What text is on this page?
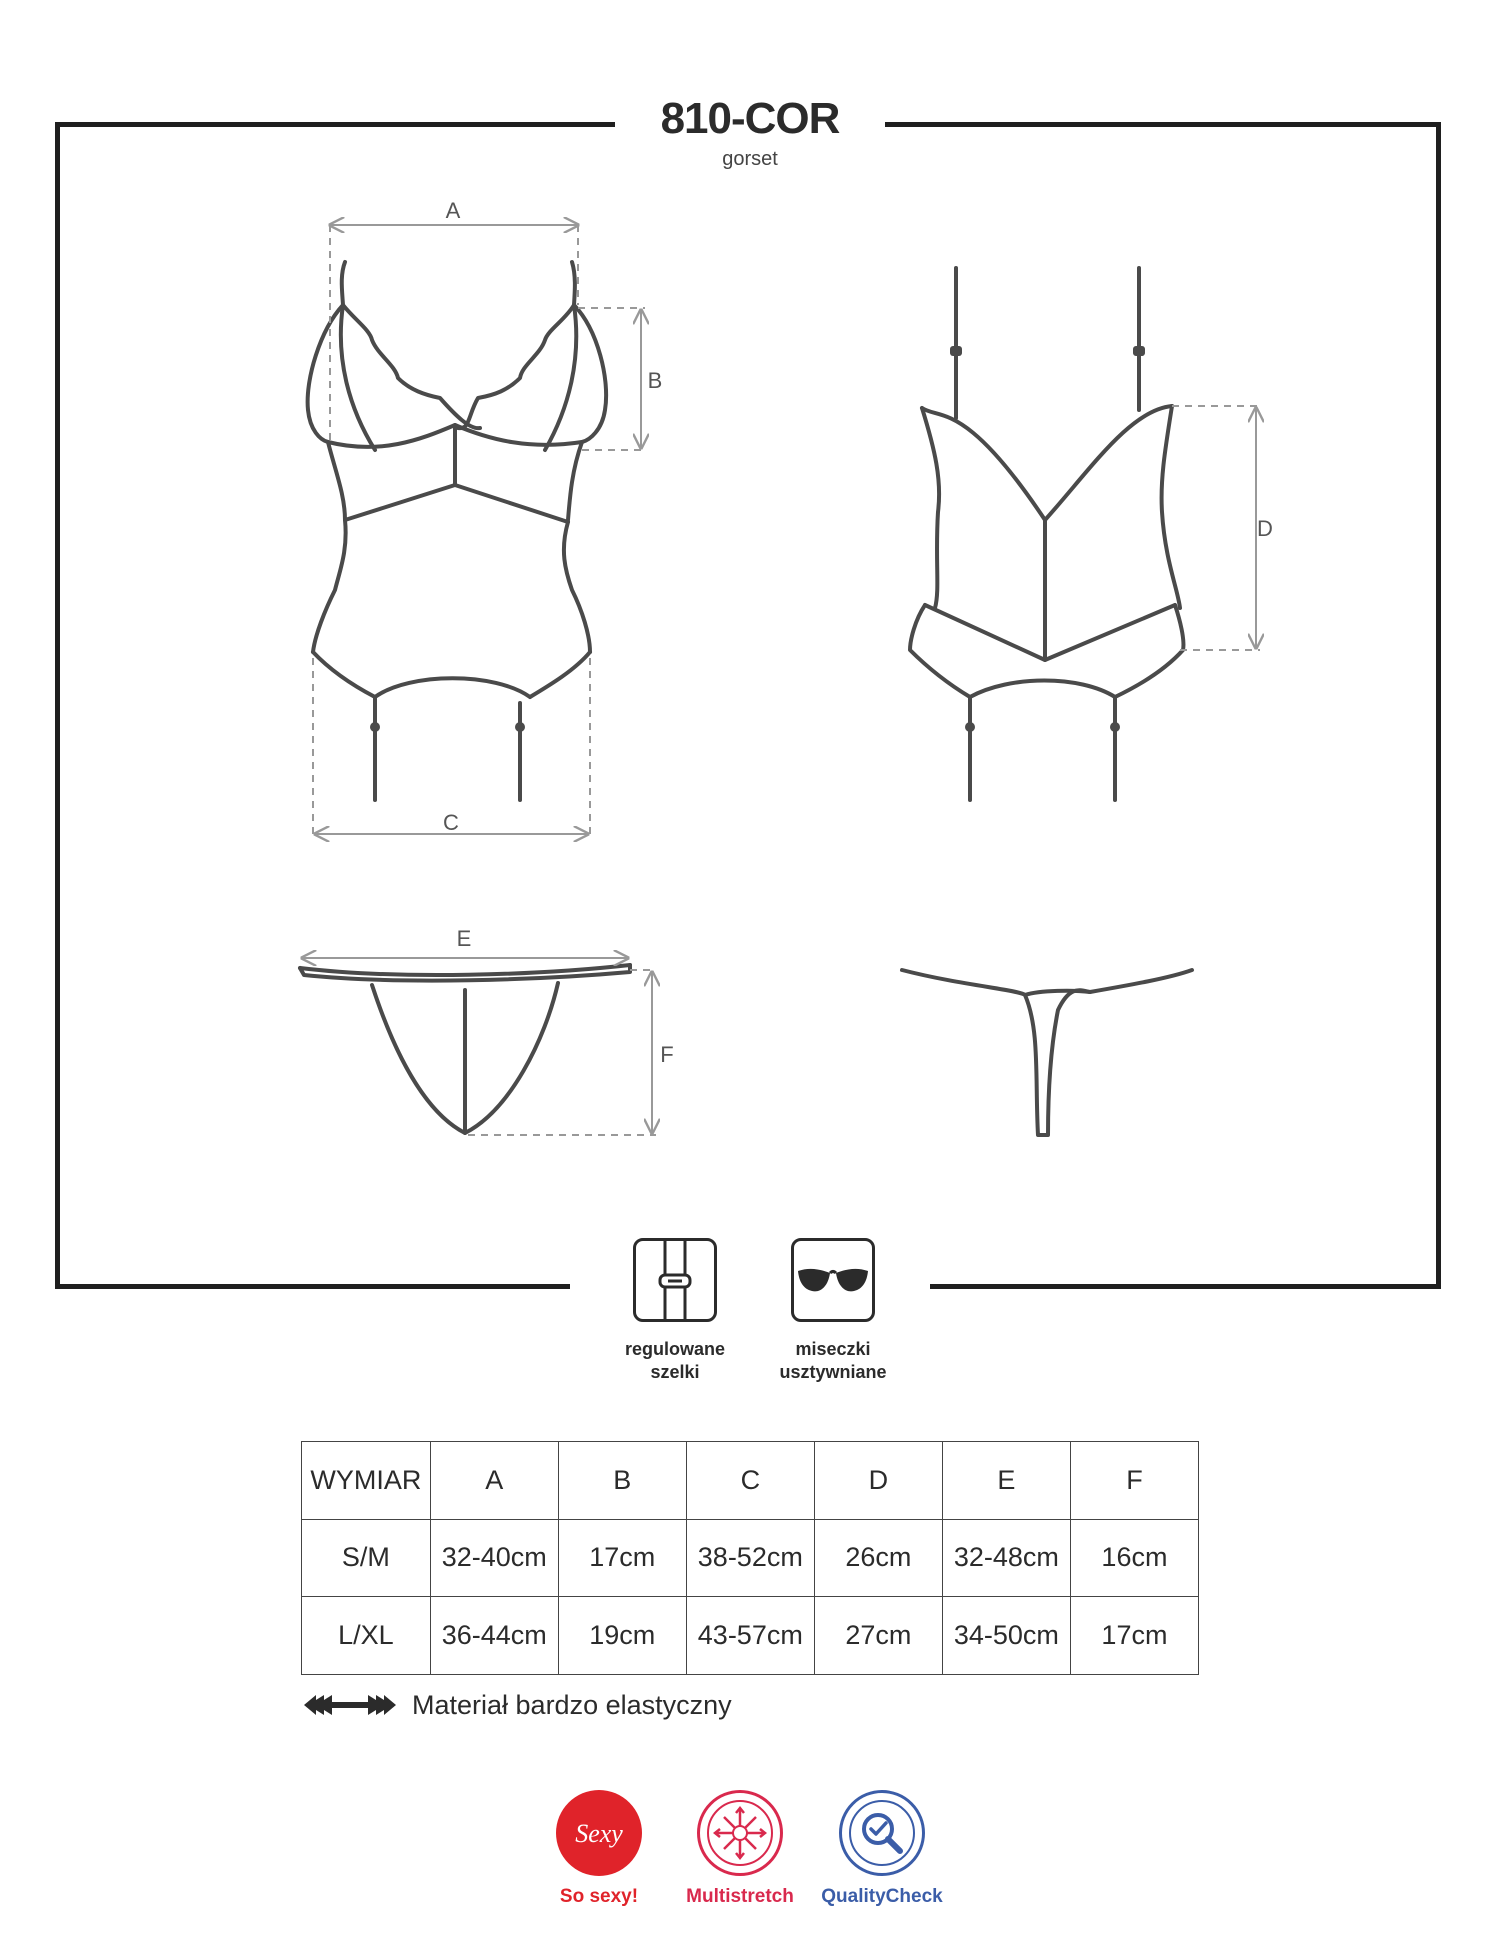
810-COR
gorset
A
B
C
D
E
F
regulowane
szelki
miseczki
usztywniane
WYMIAR	A	B	C	D	E	F
S/M	32-40cm	17cm	38-52cm	26cm	32-48cm	16cm
L/XL	36-44cm	19cm	43-57cm	27cm	34-50cm	17cm
Materiał bardzo elastyczny
Sexy
So sexy!	Multistretch	QualityCheck
